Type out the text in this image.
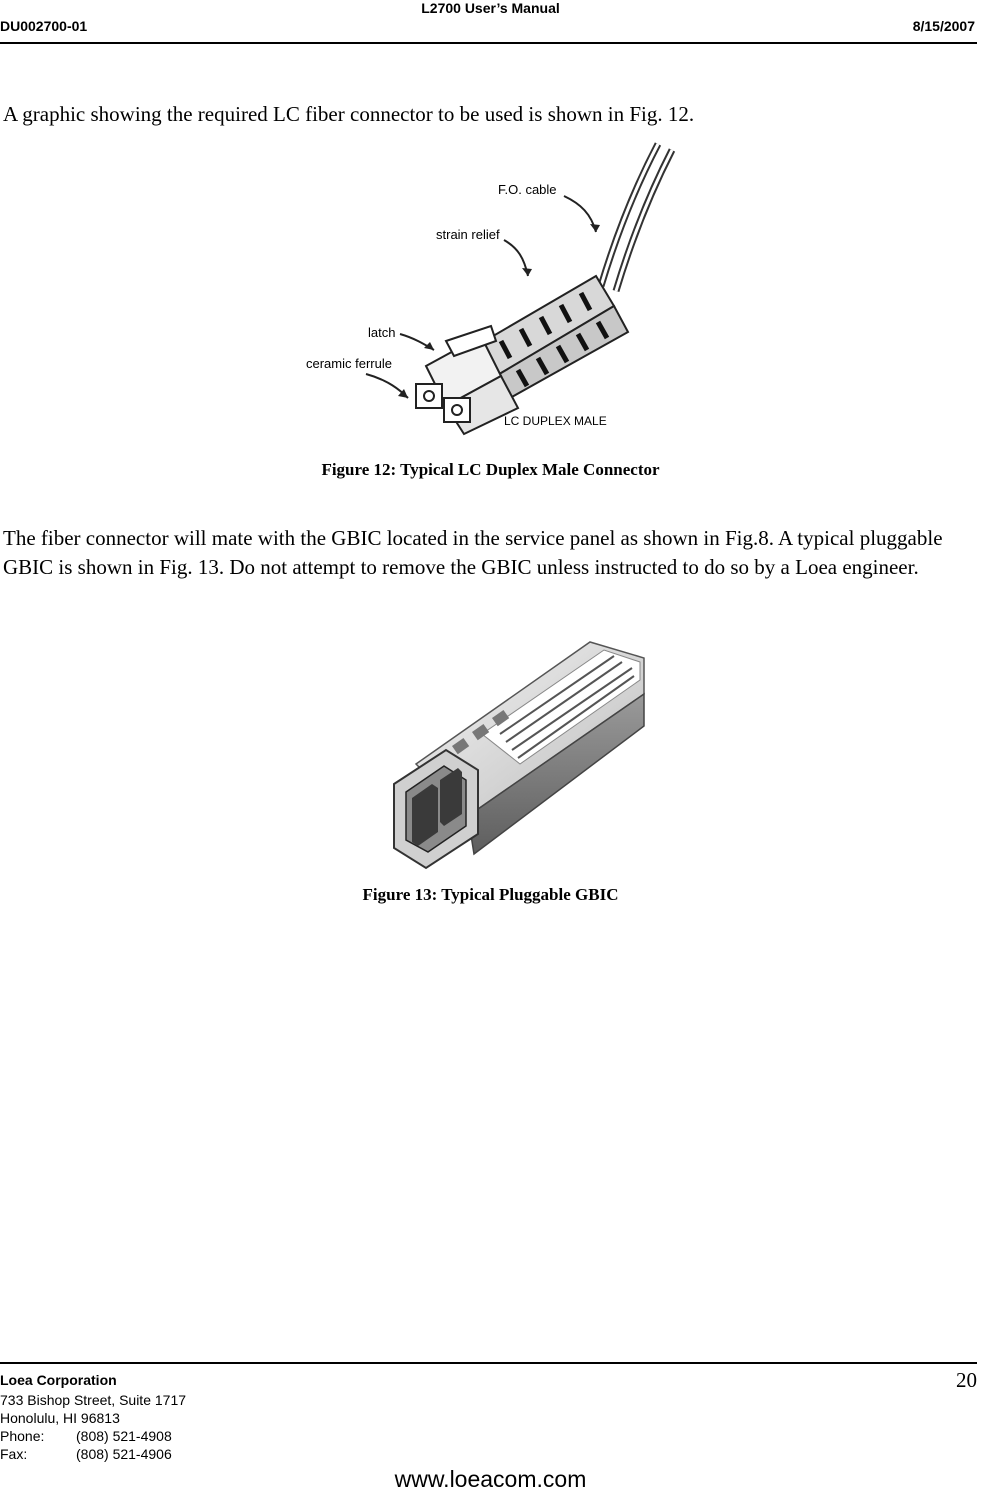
L2700 User’s Manual
DU002700-01	8/15/2007
A graphic showing the required LC fiber connector to be used is shown in Fig. 12.
F.O. cable
strain relief
latch
ceramic ferrule
LC DUPLEX MALE
Figure 12: Typical LC Duplex Male Connector
The fiber connector will mate with the GBIC located in the service panel as shown in Fig.8. A typical pluggable GBIC is shown in Fig. 13. Do not attempt to remove the GBIC unless instructed to do so by a Loea engineer.
Figure 13: Typical Pluggable GBIC
Loea Corporation
733 Bishop Street, Suite 1717
Honolulu, HI 96813
Phone: (808) 521-4908
Fax:	(808) 521-4906
20
www.loeacom.com
